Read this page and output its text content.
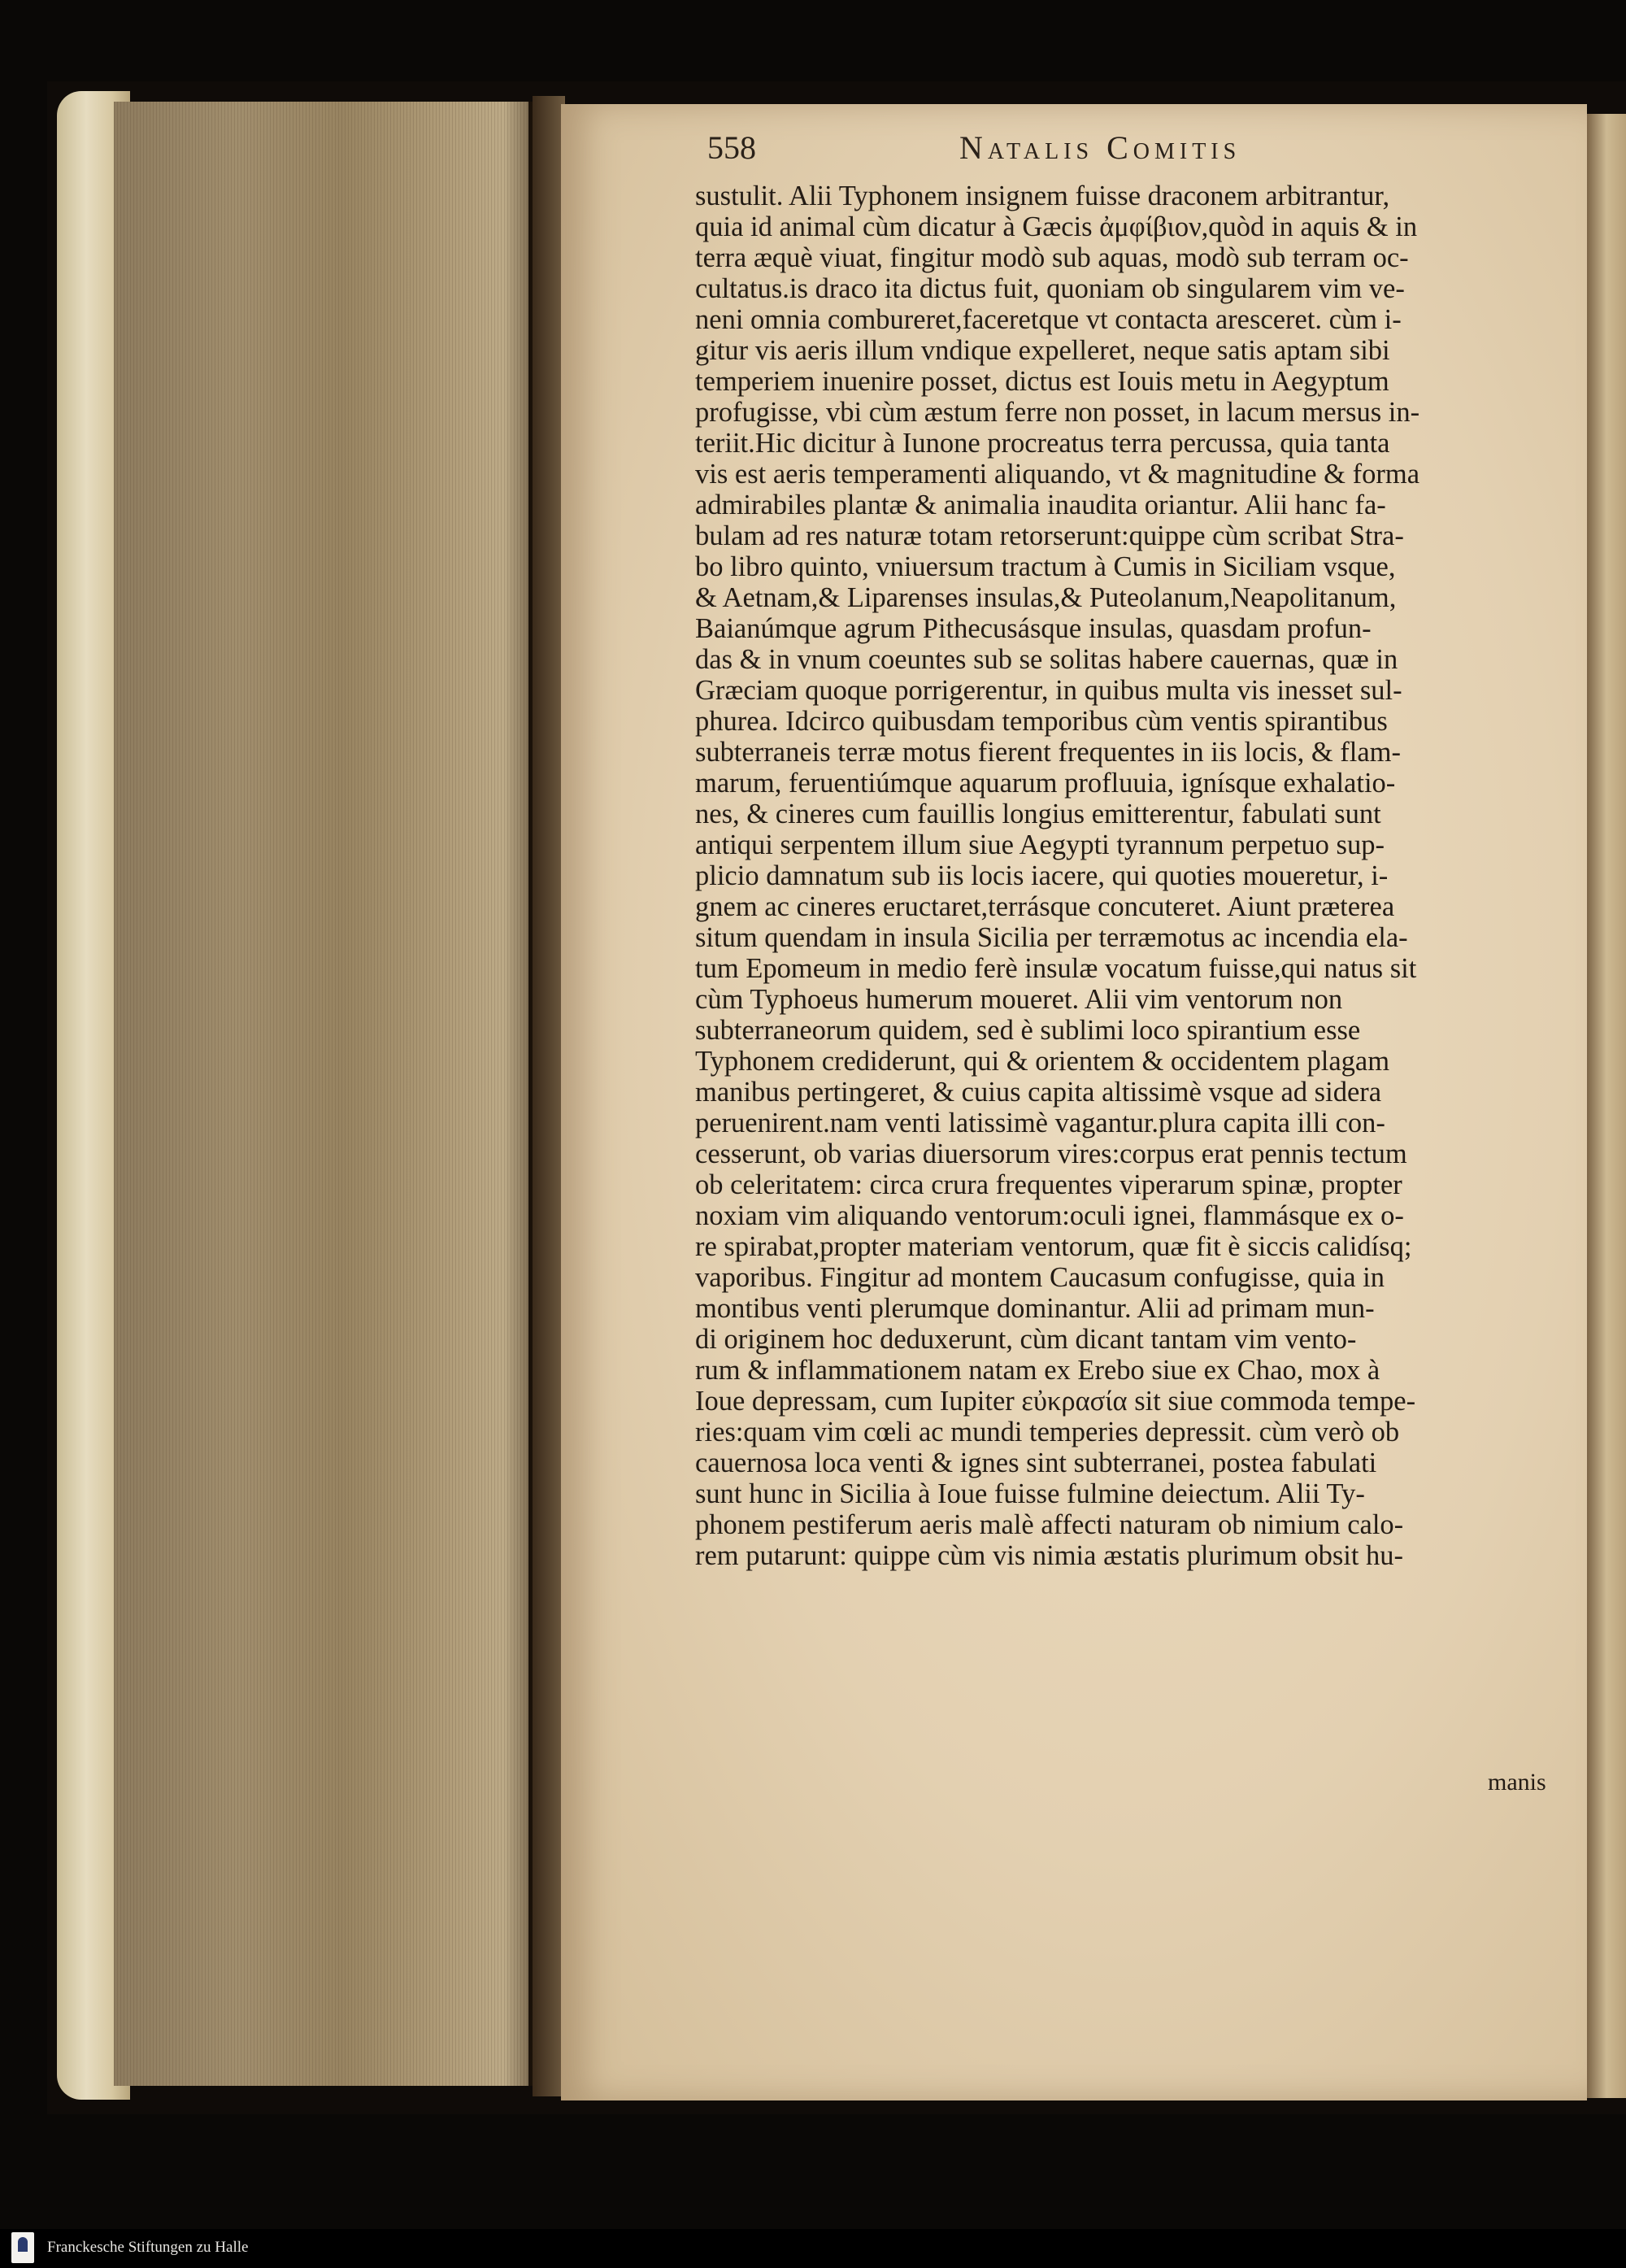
558	Natalis Comitis
sustulit. Alii Typhonem insignem fuisse draconem arbitrantur,
quia id animal cùm dicatur à Gæcis ἀμφίβιον,quòd in aquis & in
terra æquè viuat, fingitur modò sub aquas, modò sub terram oc-
cultatus.is draco ita dictus fuit, quoniam ob singularem vim ve-
neni omnia combureret,faceretque vt contacta aresceret. cùm i-
gitur vis aeris illum vndique expelleret, neque satis aptam sibi
temperiem inuenire posset, dictus est Iouis metu in Aegyptum
profugisse, vbi cùm æstum ferre non posset, in lacum mersus in-
teriit.Hic dicitur à Iunone procreatus terra percussa, quia tanta
vis est aeris temperamenti aliquando, vt & magnitudine & forma
admirabiles plantæ & animalia inaudita oriantur. Alii hanc fa-
bulam ad res naturæ totam retorserunt:quippe cùm scribat Stra-
bo libro quinto, vniuersum tractum à Cumis in Siciliam vsque,
& Aetnam,& Liparenses insulas,& Puteolanum,Neapolitanum,
Baianúmque agrum Pithecusásque insulas, quasdam profun-
das & in vnum coeuntes sub se solitas habere cauernas, quæ in
Græciam quoque porrigerentur, in quibus multa vis inesset sul-
phurea. Idcirco quibusdam temporibus cùm ventis spirantibus
subterraneis terræ motus fierent frequentes in iis locis, & flam-
marum, feruentiúmque aquarum profluuia, ignísque exhalatio-
nes, & cineres cum fauillis longius emitterentur, fabulati sunt
antiqui serpentem illum siue Aegypti tyrannum perpetuo sup-
plicio damnatum sub iis locis iacere, qui quoties moueretur, i-
gnem ac cineres eructaret,terrásque concuteret. Aiunt præterea
situm quendam in insula Sicilia per terræmotus ac incendia ela-
tum Epomeum in medio ferè insulæ vocatum fuisse,qui natus sit
cùm Typhoeus humerum moueret. Alii vim ventorum non
subterraneorum quidem, sed è sublimi loco spirantium esse
Typhonem crediderunt, qui & orientem & occidentem plagam
manibus pertingeret, & cuius capita altissimè vsque ad sidera
peruenirent.nam venti latissimè vagantur.plura capita illi con-
cesserunt, ob varias diuersorum vires:corpus erat pennis tectum
ob celeritatem: circa crura frequentes viperarum spinæ, propter
noxiam vim aliquando ventorum:oculi ignei, flammásque ex o-
re spirabat,propter materiam ventorum, quæ fit è siccis calidísq;
vaporibus. Fingitur ad montem Caucasum confugisse, quia in
montibus venti plerumque dominantur. Alii ad primam mun-
di originem hoc deduxerunt, cùm dicant tantam vim vento-
rum & inflammationem natam ex Erebo siue ex Chao, mox à
Ioue depressam, cum Iupiter εὐκρασία sit siue commoda tempe-
ries:quam vim cœli ac mundi temperies depressit. cùm verò ob
cauernosa loca venti & ignes sint subterranei, postea fabulati
sunt hunc in Sicilia à Ioue fuisse fulmine deiectum. Alii Ty-
phonem pestiferum aeris malè affecti naturam ob nimium calo-
rem putarunt: quippe cùm vis nimia æstatis plurimum obsit hu-
manis
Franckesche Stiftungen zu Halle
